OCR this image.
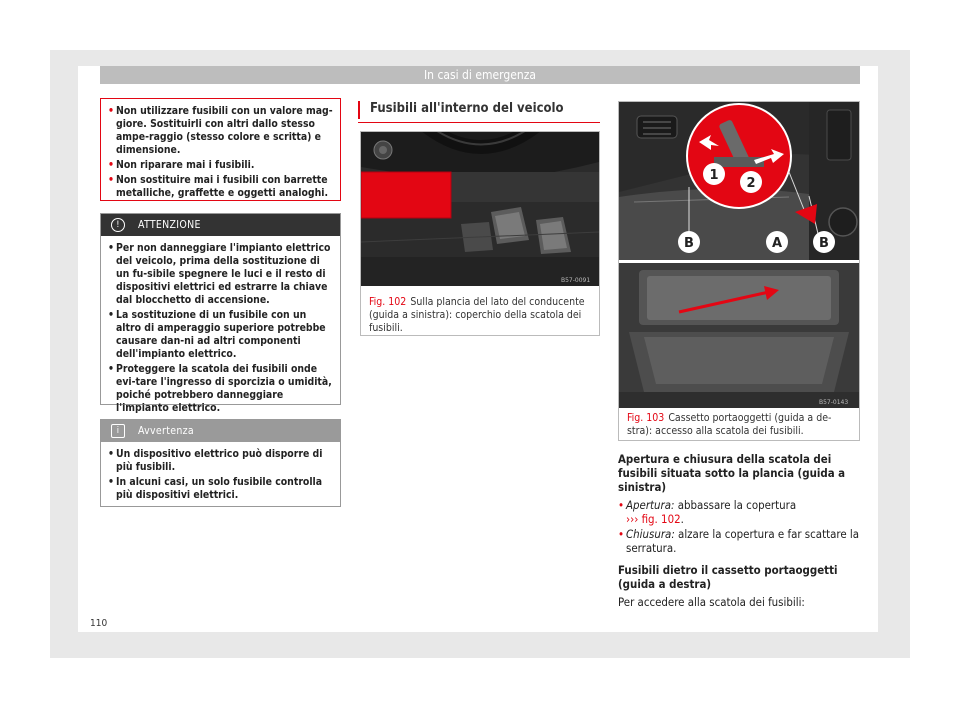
In casi di emergenza
• Non utilizzare fusibili con un valore mag-giore. Sostituirli con altri dallo stesso ampe-raggio (stesso colore e scritta) e dimensione.
• Non riparare mai i fusibili.
• Non sostituire mai i fusibili con barrette metalliche, graffette e oggetti analoghi.
!	ATTENZIONE
• Per non danneggiare l'impianto elettrico del veicolo, prima della sostituzione di un fu-sibile spegnere le luci e il resto di dispositivi elettrici ed estrarre la chiave dal blocchetto di accensione.
• La sostituzione di un fusibile con un altro di amperaggio superiore potrebbe causare dan-ni ad altri componenti dell'impianto elettrico.
• Proteggere la scatola dei fusibili onde evi-tare l'ingresso di sporcizia o umidità, poiché potrebbero danneggiare l'impianto elettrico.
i	Avvertenza
• Un dispositivo elettrico può disporre di più fusibili.
• In alcuni casi, un solo fusibile controlla più dispositivi elettrici.
Fusibili all'interno del veicolo
B57-0091
Fig. 102 Sulla plancia del lato del conducente (guida a sinistra): coperchio della scatola dei fusibili.
1
2
B	A	B
B57-0143
Fig. 103 Cassetto portaoggetti (guida a de-stra): accesso alla scatola dei fusibili.
Apertura e chiusura della scatola dei fusibili situata sotto la plancia (guida a sinistra)
• Apertura: abbassare la copertura
››› fig. 102.
• Chiusura: alzare la copertura e far scattare la serratura.
Fusibili dietro il cassetto portaoggetti (guida a destra)
Per accedere alla scatola dei fusibili:
110
